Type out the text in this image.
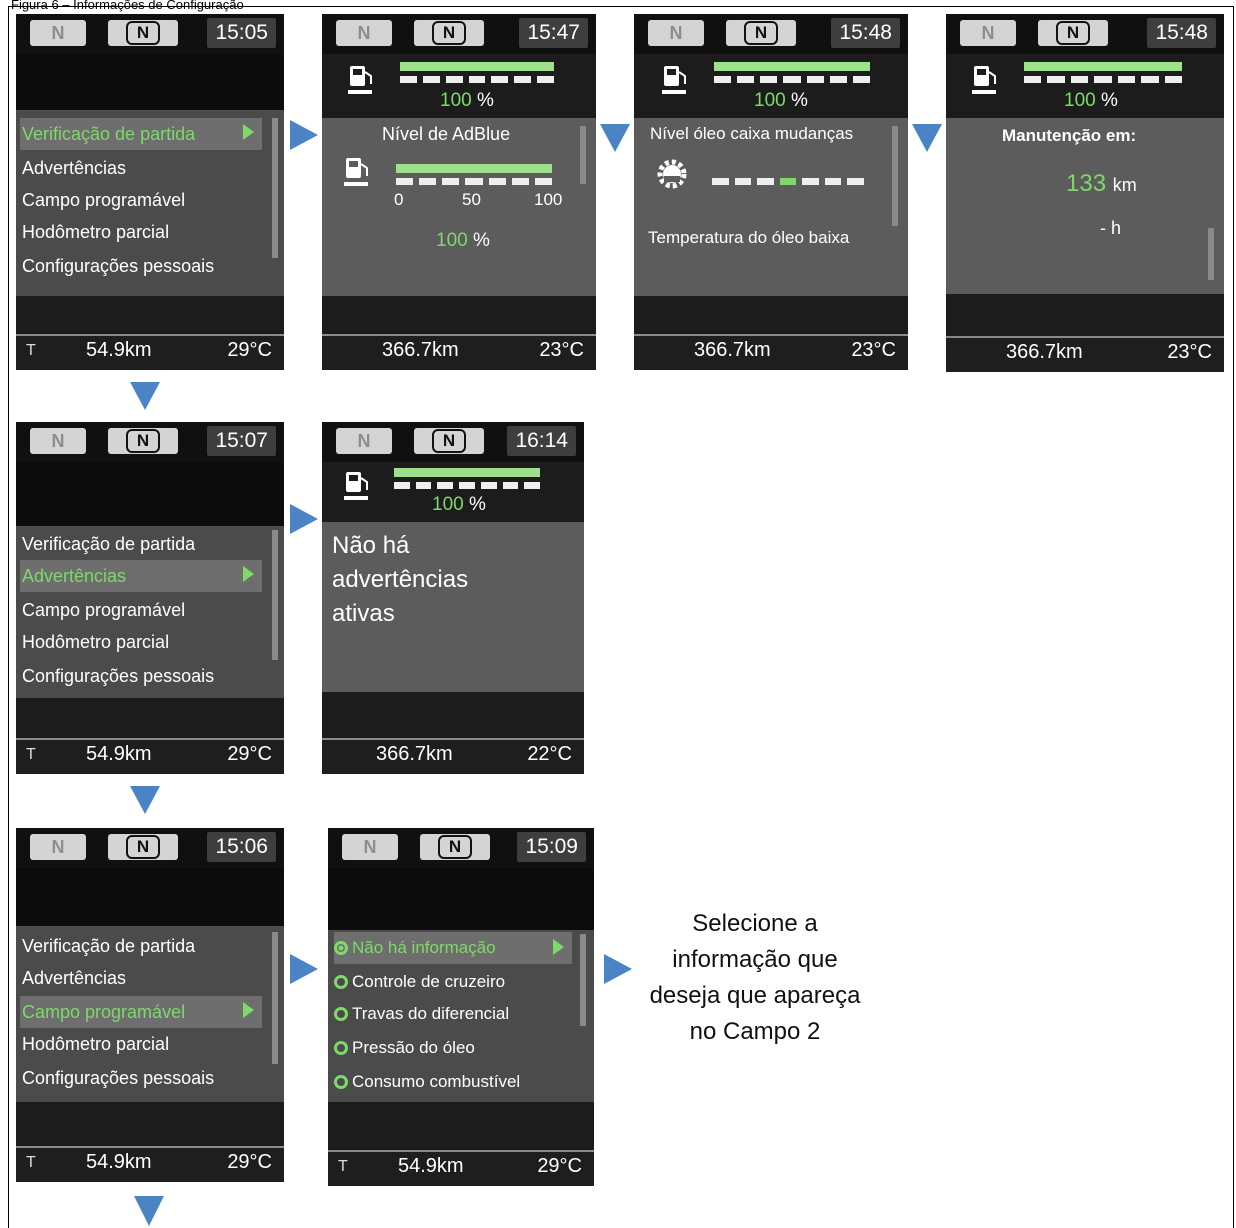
Figura 6 – Informações de Configuração
N	N	15:05
Verificação de partida
Advertências
Campo programável
Hodômetro parcial
Configurações pessoais
T	54.9km	29°C
N	N	15:47
100 %
Nível de AdBlue
0	50	100
100 %
366.7km	23°C
N	N	15:48
100 %
Nível óleo caixa mudanças
Temperatura do óleo baixa
366.7km	23°C
N	N	15:48
100 %
Manutenção em:
133 km
- h
366.7km	23°C
N	N	15:07
Verificação de partida
Advertências
Campo programável
Hodômetro parcial
Configurações pessoais
T	54.9km	29°C
N	N	16:14
100 %
Não há
advertências
ativas
366.7km	22°C
N	N	15:06
Verificação de partida
Advertências
Campo programável
Hodômetro parcial
Configurações pessoais
T	54.9km	29°C
N	N	15:09
Não há informação
Controle de cruzeiro
Travas do diferencial
Pressão do óleo
Consumo combustível
T	54.9km	29°C
Selecione a
informação que
deseja que apareça
no Campo 2
